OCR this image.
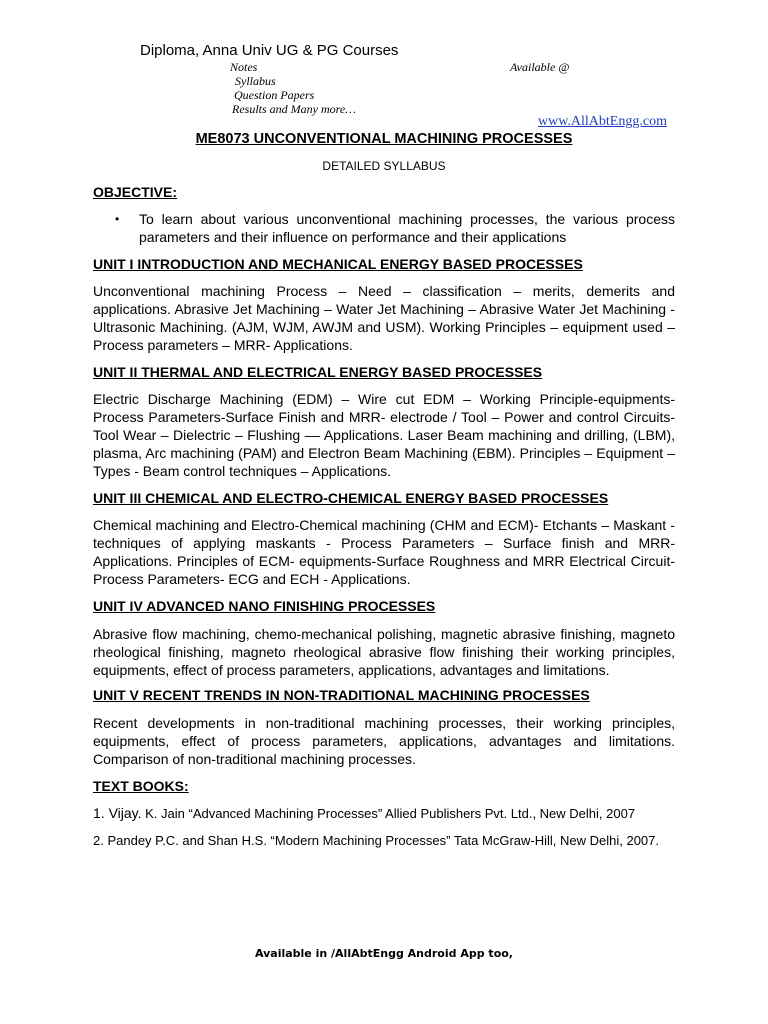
Diploma, Anna Univ UG & PG Courses
Notes
Syllabus
Question Papers
Results and Many more…
Available @
www.AllAbtEngg.com
ME8073 UNCONVENTIONAL MACHINING PROCESSES
DETAILED SYLLABUS
OBJECTIVE:
• To learn about various unconventional machining processes, the various process parameters and their influence on performance and their applications
UNIT I INTRODUCTION AND MECHANICAL ENERGY BASED PROCESSES
Unconventional machining Process – Need – classification – merits, demerits and applications. Abrasive Jet Machining – Water Jet Machining – Abrasive Water Jet Machining - Ultrasonic Machining. (AJM, WJM, AWJM and USM). Working Principles – equipment used – Process parameters – MRR- Applications.
UNIT II THERMAL AND ELECTRICAL ENERGY BASED PROCESSES
Electric Discharge Machining (EDM) – Wire cut EDM – Working Principle-equipments-Process Parameters-Surface Finish and MRR- electrode / Tool – Power and control Circuits-Tool Wear – Dielectric – Flushing –– Applications. Laser Beam machining and drilling, (LBM), plasma, Arc machining (PAM) and Electron Beam Machining (EBM). Principles – Equipment –Types - Beam control techniques – Applications.
UNIT III CHEMICAL AND ELECTRO-CHEMICAL ENERGY BASED PROCESSES
Chemical machining and Electro-Chemical machining (CHM and ECM)- Etchants – Maskant - techniques of applying maskants - Process Parameters – Surface finish and MRR- Applications. Principles of ECM- equipments-Surface Roughness and MRR Electrical Circuit-Process Parameters- ECG and ECH - Applications.
UNIT IV ADVANCED NANO FINISHING PROCESSES
Abrasive flow machining, chemo-mechanical polishing, magnetic abrasive finishing, magneto rheological finishing, magneto rheological abrasive flow finishing their working principles, equipments, effect of process parameters, applications, advantages and limitations.
UNIT V RECENT TRENDS IN NON-TRADITIONAL MACHINING PROCESSES
Recent developments in non-traditional machining processes, their working principles, equipments, effect of process parameters, applications, advantages and limitations. Comparison of non-traditional machining processes.
TEXT BOOKS:
1. Vijay. K. Jain “Advanced Machining Processes” Allied Publishers Pvt. Ltd., New Delhi, 2007
2. Pandey P.C. and Shan H.S. “Modern Machining Processes” Tata McGraw-Hill, New Delhi, 2007.
Available in /AllAbtEngg Android App too,
